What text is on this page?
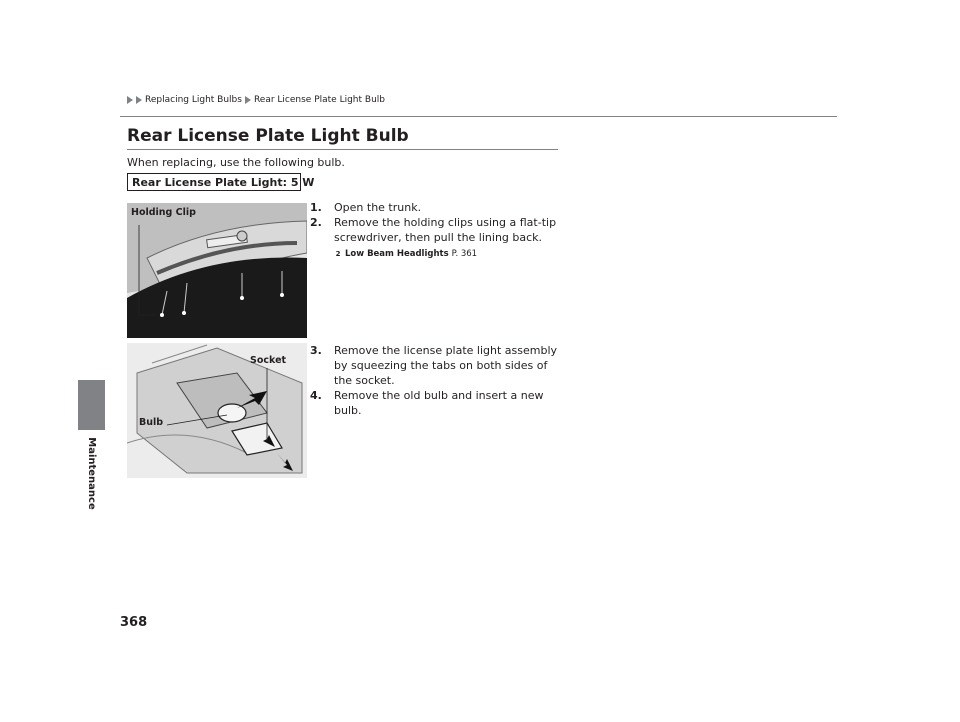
Maintenance
Replacing Light Bulbs Rear License Plate Light Bulb
Rear License Plate Light Bulb
When replacing, use the following bulb.
Rear License Plate Light: 5 W
Holding Clip	1.	Open the trunk.
2.	Remove the holding clips using a flat-tip screwdriver, then pull the lining back.
2 Low Beam Headlights P. 361
Socket
Bulb
3.	Remove the license plate light assembly by squeezing the tabs on both sides of the socket.
4.	Remove the old bulb and insert a new bulb.
368
